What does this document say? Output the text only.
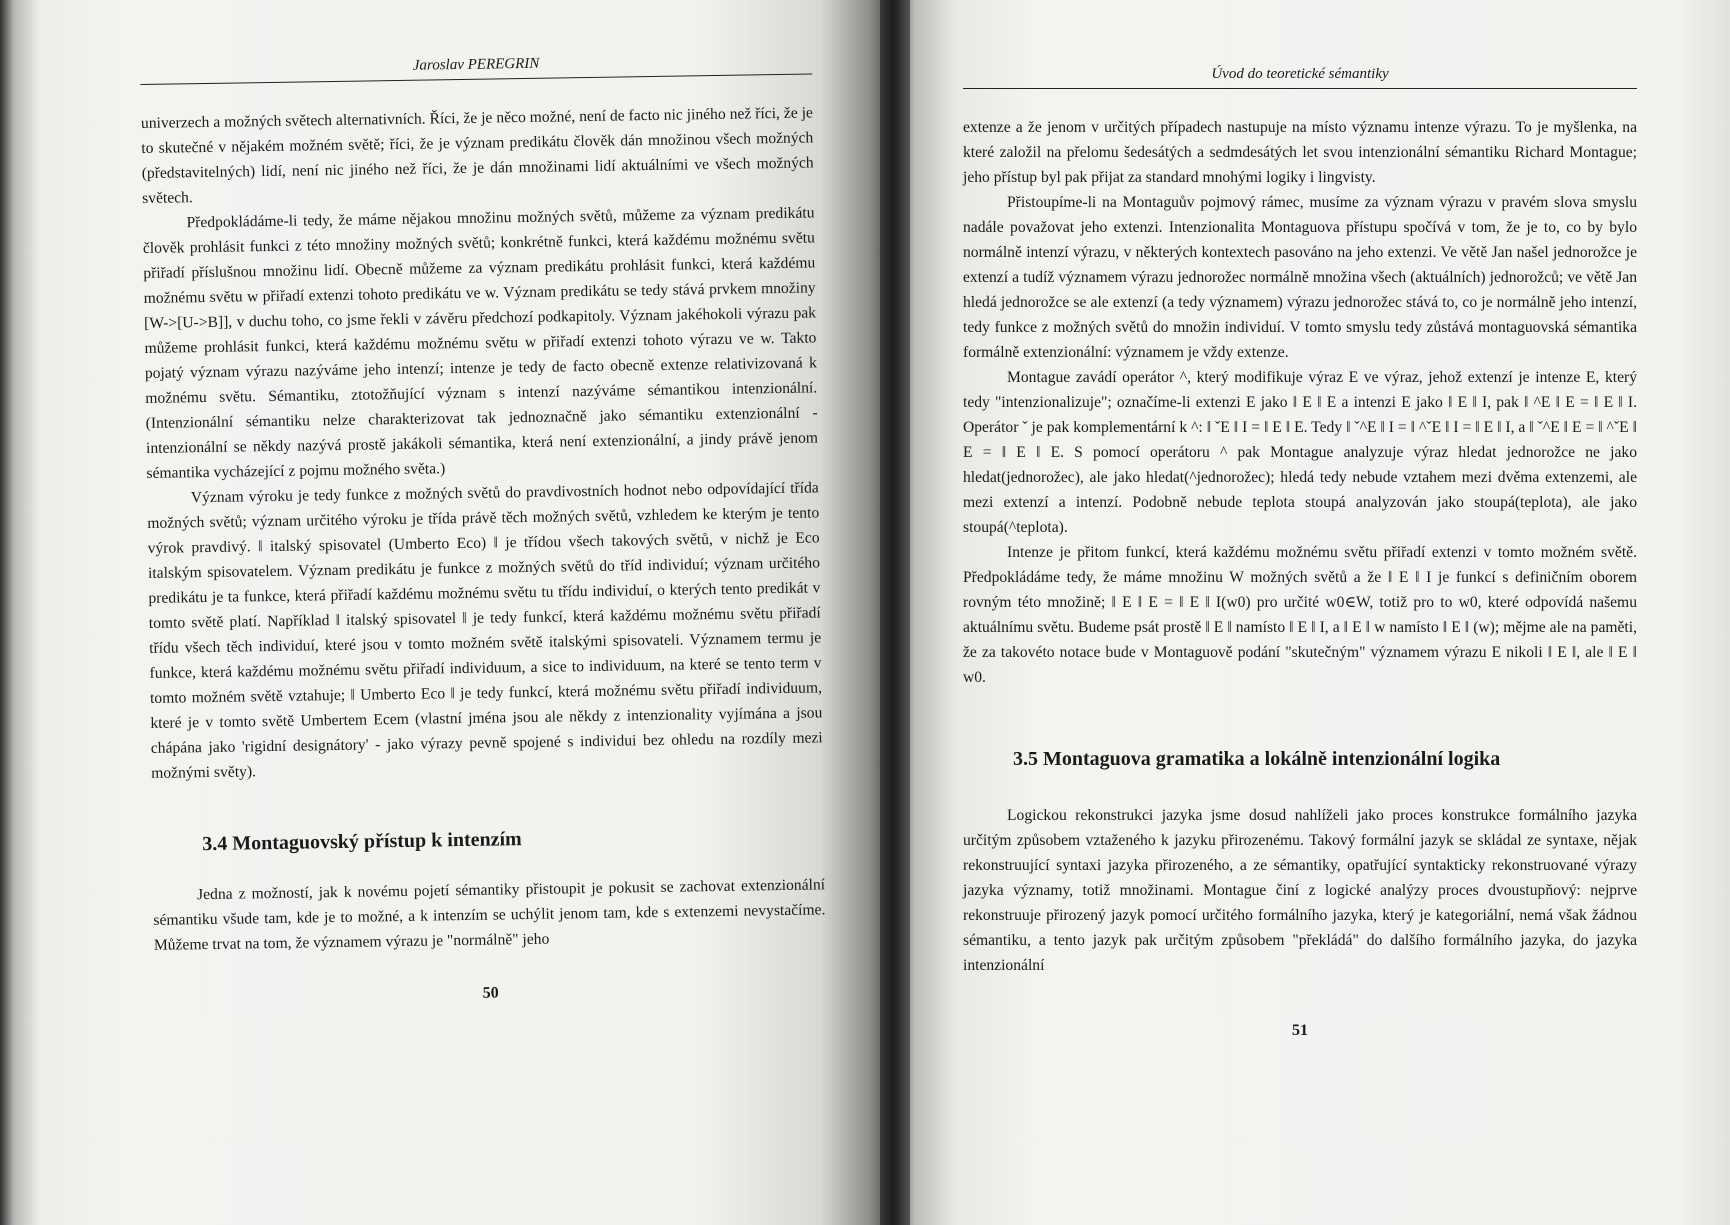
Jaroslav PEREGRIN

univerzech a možných světech alternativních. Říci, že je něco možné, není de facto nic jiného než říci, že je to skutečné v nějakém možném světě; říci, že je význam predikátu člověk dán množinou všech možných (představitelných) lidí, není nic jiného než říci, že je dán množinami lidí aktuálními ve všech možných světech.

Předpokládáme-li tedy, že máme nějakou množinu možných světů, můžeme za význam predikátu člověk prohlásit funkci z této množiny možných světů; konkrétně funkci, která každému možnému světu přiřadí příslušnou množinu lidí. Obecně můžeme za význam predikátu prohlásit funkci, která každému možnému světu w přiřadí extenzi tohoto predikátu ve w. Význam predikátu se tedy stává prvkem množiny [W->[U->B]], v duchu toho, co jsme řekli v závěru předchozí podkapitoly. Význam jakéhokoli výrazu pak můžeme prohlásit funkci, která každému možnému světu w přiřadí extenzi tohoto výrazu ve w. Takto pojatý význam výrazu nazýváme jeho intenzí; intenze je tedy de facto obecně extenze relativizovaná k možnému světu. Sémantiku, ztotožňující význam s intenzí nazýváme sémantikou intenzionální. (Intenzionální sémantiku nelze charakterizovat tak jednoznačně jako sémantiku extenzionální - intenzionální se někdy nazývá prostě jakákoli sémantika, která není extenzionální, a jindy právě jenom sémantika vycházející z pojmu možného světa.)

Význam výroku je tedy funkce z možných světů do pravdivostních hodnot nebo odpovídající třída možných světů; význam určitého výroku je třída právě těch možných světů, vzhledem ke kterým je tento výrok pravdivý. ‖ italský spisovatel (Umberto Eco) ‖ je třídou všech takových světů, v nichž je Eco italským spisovatelem. Význam predikátu je funkce z možných světů do tříd individuí; význam určitého predikátu je ta funkce, která přiřadí každému možnému světu tu třídu individuí, o kterých tento predikát v tomto světě platí. Například ‖ italský spisovatel ‖ je tedy funkcí, která každému možnému světu přiřadí třídu všech těch individuí, které jsou v tomto možném světě italskými spisovateli. Významem termu je funkce, která každému možnému světu přiřadí individuum, a sice to individuum, na které se tento term v tomto možném světě vztahuje; ‖ Umberto Eco ‖ je tedy funkcí, která možnému světu přiřadí individuum, které je v tomto světě Umbertem Ecem (vlastní jména jsou ale někdy z intenzionality vyjímána a jsou chápána jako 'rigidní designátory' - jako výrazy pevně spojené s individui bez ohledu na rozdíly mezi možnými světy).

3.4 Montaguovský přístup k intenzím

Jedna z možností, jak k novému pojetí sémantiky přistoupit je pokusit se zachovat extenzionální sémantiku všude tam, kde je to možné, a k intenzím se uchýlit jenom tam, kde s extenzemi nevystačíme. Můžeme trvat na tom, že významem výrazu je "normálně" jeho

50
Úvod do teoretické sémantiky

extenze a že jenom v určitých případech nastupuje na místo významu intenze výrazu. To je myšlenka, na které založil na přelomu šedesátých a sedmdesátých let svou intenzionální sémantiku Richard Montague; jeho přístup byl pak přijat za standard mnohými logiky i lingvisty.

Přistoupíme-li na Montaguův pojmový rámec, musíme za význam výrazu v pravém slova smyslu nadále považovat jeho extenzi. Intenzionalita Montaguova přístupu spočívá v tom, že je to, co by bylo normálně intenzí výrazu, v některých kontextech pasováno na jeho extenzi. Ve větě Jan našel jednorožce je extenzí a tudíž významem výrazu jednorožec normálně množina všech (aktuálních) jednorožců; ve větě Jan hledá jednorožce se ale extenzí (a tedy významem) výrazu jednorožec stává to, co je normálně jeho intenzí, tedy funkce z možných světů do množin individuí. V tomto smyslu tedy zůstává montaguovská sémantika formálně extenzionální: významem je vždy extenze.

Montague zavádí operátor ^, který modifikuje výraz E ve výraz, jehož extenzí je intenze E, který tedy "intenzionalizuje"; označíme-li extenzi E jako ‖ E ‖ E a intenzi E jako ‖ E ‖ I, pak ‖ ^E ‖ E = ‖ E ‖ I. Operátor ˇ je pak komplementární k ^: ‖ ˇE ‖ I = ‖ E ‖ E. Tedy ‖ ˇ^E ‖ I = ‖ ^ˇE ‖ I = ‖ E ‖ I, a ‖ ˇ^E ‖ E = ‖ ^ˇE ‖ E = ‖ E ‖ E. S pomocí operátoru ^ pak Montague analyzuje výraz hledat jednorožce ne jako hledat(jednorožec), ale jako hledat(^jednorožec); hledá tedy nebude vztahem mezi dvěma extenzemi, ale mezi extenzí a intenzí. Podobně nebude teplota stoupá analyzován jako stoupá(teplota), ale jako stoupá(^teplota).

Intenze je přitom funkcí, která každému možnému světu přiřadí extenzi v tomto možném světě. Předpokládáme tedy, že máme množinu W možných světů a že ‖ E ‖ I je funkcí s definičním oborem rovným této množině; ‖ E ‖ E = ‖ E ‖ I(w0) pro určité w0∈W, totiž pro to w0, které odpovídá našemu aktuálnímu světu. Budeme psát prostě ‖ E ‖ namísto ‖ E ‖ I, a ‖ E ‖ w namísto ‖ E ‖ (w); mějme ale na paměti, že za takovéto notace bude v Montaguově podání "skutečným" významem výrazu E nikoli ‖ E ‖, ale ‖ E ‖ w0.

3.5 Montaguova gramatika a lokálně intenzionální logika

Logickou rekonstrukci jazyka jsme dosud nahlíželi jako proces konstrukce formálního jazyka určitým způsobem vztaženého k jazyku přirozenému. Takový formální jazyk se skládal ze syntaxe, nějak rekonstruující syntaxi jazyka přirozeného, a ze sémantiky, opatřující syntakticky rekonstruované výrazy jazyka významy, totiž množinami. Montague činí z logické analýzy proces dvoustupňový: nejprve rekonstruuje přirozený jazyk pomocí určitého formálního jazyka, který je kategoriální, nemá však žádnou sémantiku, a tento jazyk pak určitým způsobem "překládá" do dalšího formálního jazyka, do jazyka intenzionální

51
